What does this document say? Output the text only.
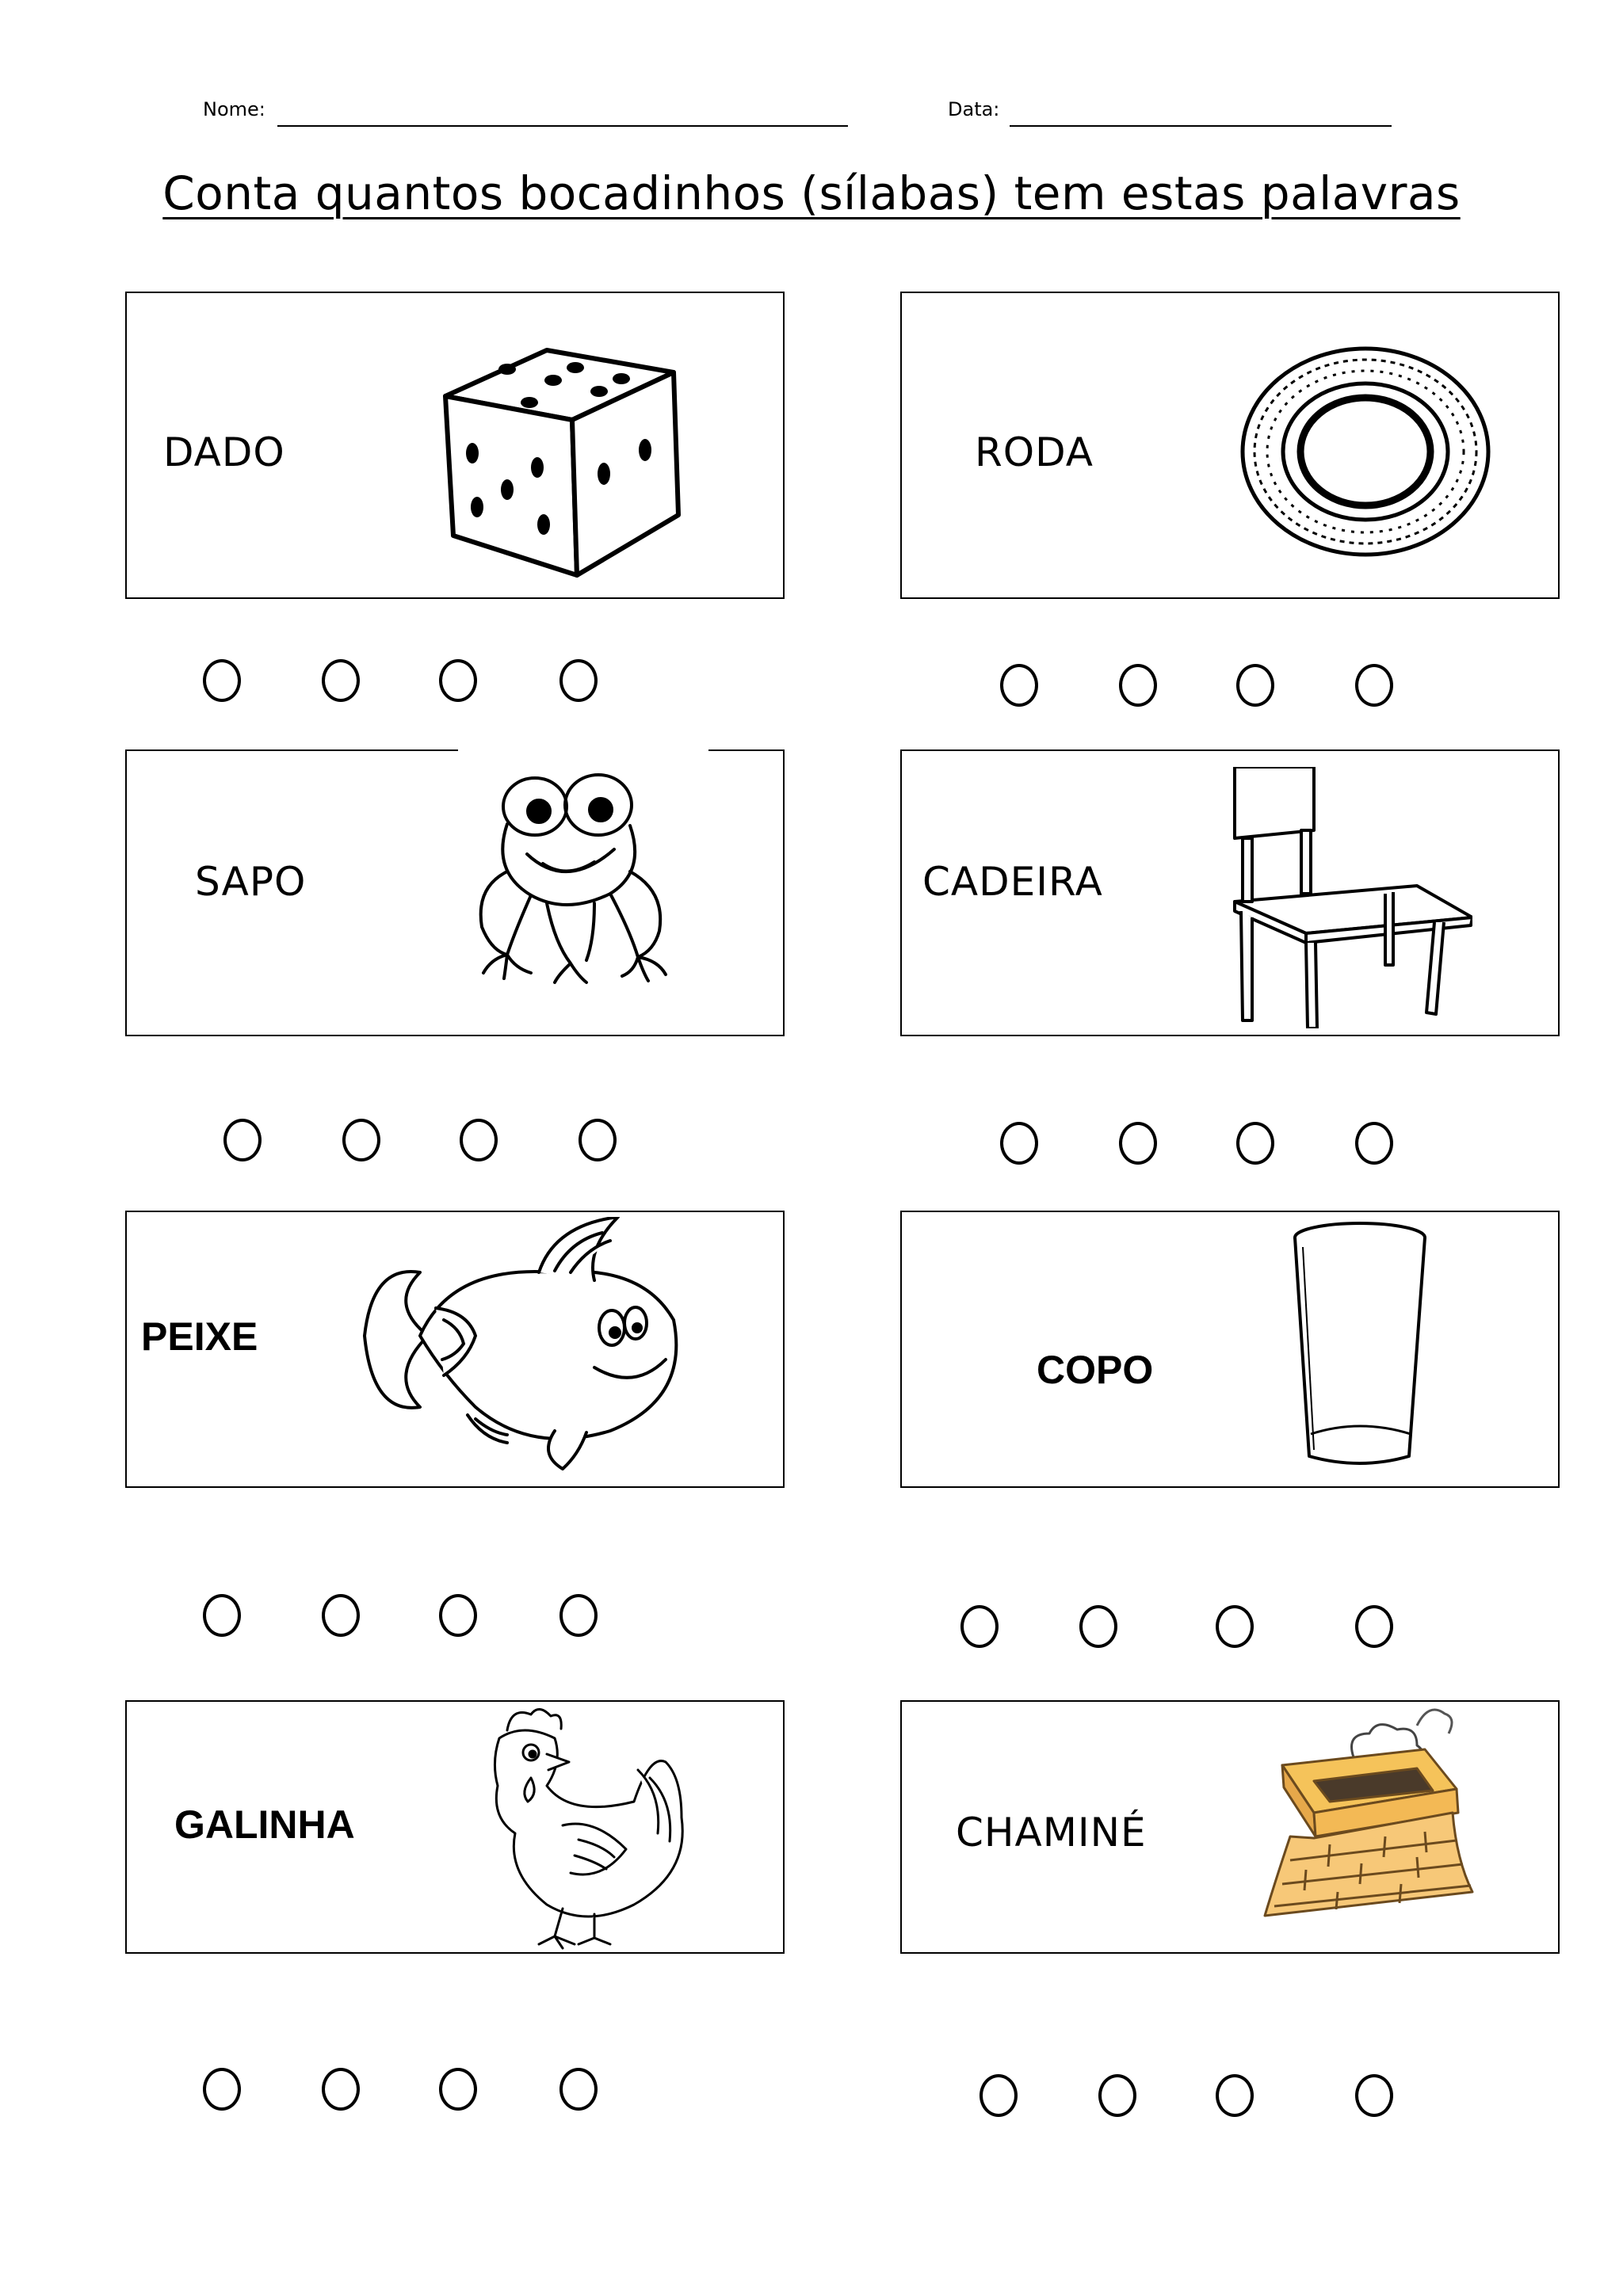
Nome:	Data:
Conta quantos bocadinhos (sílabas) tem estas palavras
DADO	RODA
SAPO	CADEIRA
PEIXE
COPO
GALINHA	CHAMINÉ
